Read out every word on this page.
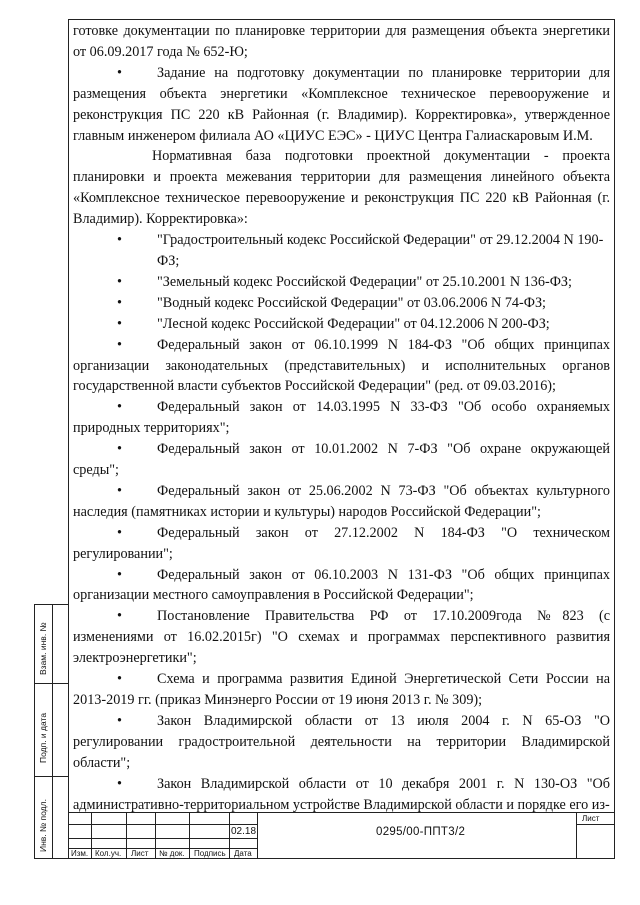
готовке документации по планировке территории для размещения объекта энергетики от 06.09.2017 года № 652-Ю;

• Задание на подготовку документации по планировке территории для размещения объекта энергетики «Комплексное техническое перевооружение и реконструкция ПС 220 кВ Районная (г. Владимир). Корректировка», утвержденное главным инженером филиала АО «ЦИУС ЕЭС» - ЦИУС Центра Галиаскаровым И.М.

Нормативная база подготовки проектной документации - проекта планировки и проекта межевания территории для размещения линейного объекта «Комплексное техническое перевооружение и реконструкция ПС 220 кВ Районная (г. Владимир). Корректировка»:

• "Градостроительный кодекс Российской Федерации" от 29.12.2004 N 190-ФЗ;

• "Земельный кодекс Российской Федерации" от 25.10.2001 N 136-ФЗ;

• "Водный кодекс Российской Федерации" от 03.06.2006 N 74-ФЗ;

• "Лесной кодекс Российской Федерации" от 04.12.2006 N 200-ФЗ;

• Федеральный закон от 06.10.1999 N 184-ФЗ "Об общих принципах организации законодательных (представительных) и исполнительных органов государственной власти субъектов Российской Федерации" (ред. от 09.03.2016);

• Федеральный закон от 14.03.1995 N 33-ФЗ "Об особо охраняемых природных территориях";

• Федеральный закон от 10.01.2002 N 7-ФЗ "Об охране окружающей среды";

• Федеральный закон от 25.06.2002 N 73-ФЗ "Об объектах культурного наследия (памятниках истории и культуры) народов Российской Федерации";

• Федеральный закон от 27.12.2002 N 184-ФЗ "О техническом регулировании";

• Федеральный закон от 06.10.2003 N 131-ФЗ "Об общих принципах организации местного самоуправления в Российской Федерации";

• Постановление Правительства РФ от 17.10.2009года №823 (с изменениями от 16.02.2015г) "О схемах и программах перспективного развития электроэнергетики";

• Схема и программа развития Единой Энергетической Сети России на 2013-2019 гг. (приказ Минэнерго России от 19 июня 2013 г. № 309);

• Закон Владимирской области от 13 июля 2004 г. N 65-ОЗ "О регулировании градостроительной деятельности на территории Владимирской области";

• Закон Владимирской области от 10 декабря 2001 г. N 130-ОЗ "Об административно-территориальном устройстве Владимирской области и порядке его из-

Взам. инв. №
Подп. и дата
Инв. № подл.	02.18
Изм. Кол.уч. Лист № док. Подпись Дата
0295/00-ППТ3/2
Лист
